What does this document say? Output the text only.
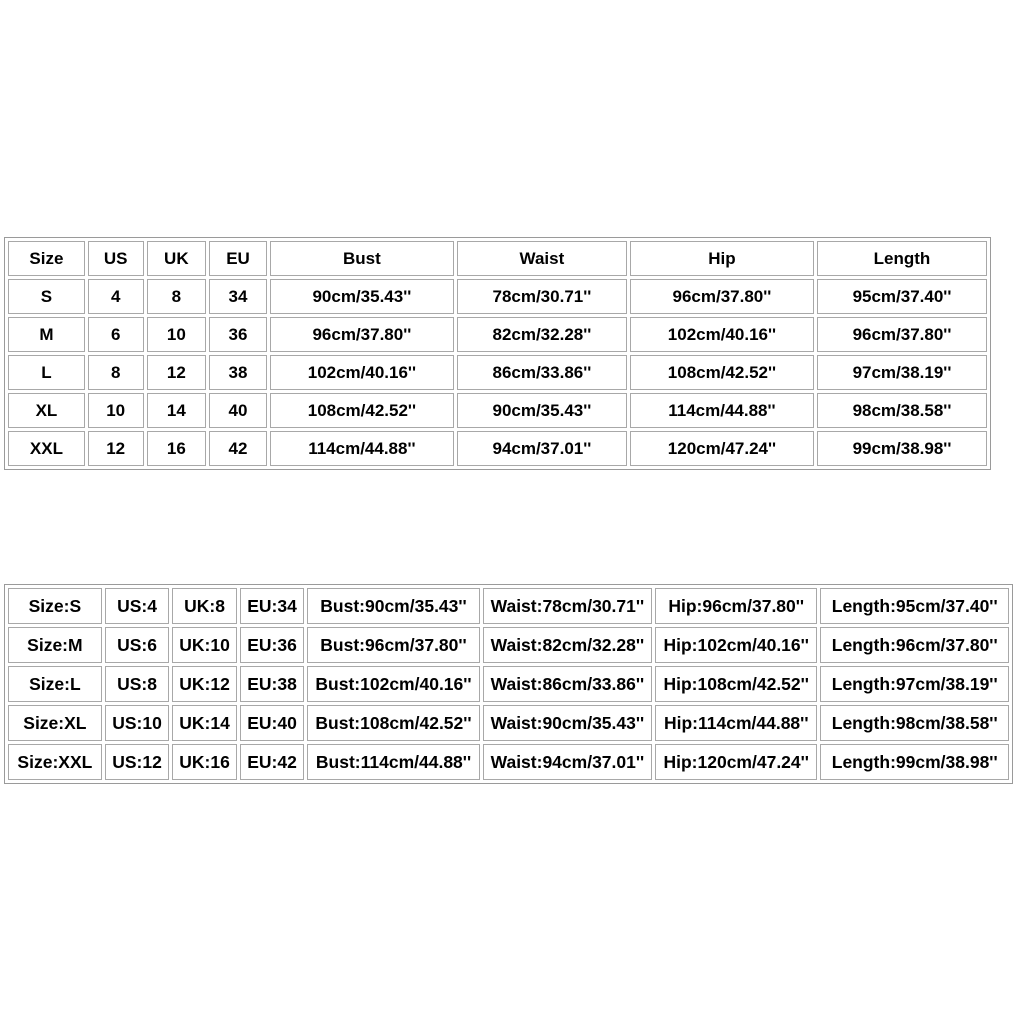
Size	US	UK	EU	Bust	Waist	Hip	Length
S	4	8	34	90cm/35.43''	78cm/30.71''	96cm/37.80''	95cm/37.40''
M	6	10	36	96cm/37.80''	82cm/32.28''	102cm/40.16''	96cm/37.80''
L	8	12	38	102cm/40.16''	86cm/33.86''	108cm/42.52''	97cm/38.19''
XL	10	14	40	108cm/42.52''	90cm/35.43''	114cm/44.88''	98cm/38.58''
XXL	12	16	42	114cm/44.88''	94cm/37.01''	120cm/47.24''	99cm/38.98''
Size:S	US:4	UK:8	EU:34	Bust:90cm/35.43''	Waist:78cm/30.71''	Hip:96cm/37.80''	Length:95cm/37.40''
Size:M	US:6	UK:10	EU:36	Bust:96cm/37.80''	Waist:82cm/32.28''	Hip:102cm/40.16''	Length:96cm/37.80''
Size:L	US:8	UK:12	EU:38	Bust:102cm/40.16''	Waist:86cm/33.86''	Hip:108cm/42.52''	Length:97cm/38.19''
Size:XL	US:10	UK:14	EU:40	Bust:108cm/42.52''	Waist:90cm/35.43''	Hip:114cm/44.88''	Length:98cm/38.58''
Size:XXL	US:12	UK:16	EU:42	Bust:114cm/44.88''	Waist:94cm/37.01''	Hip:120cm/47.24''	Length:99cm/38.98''
